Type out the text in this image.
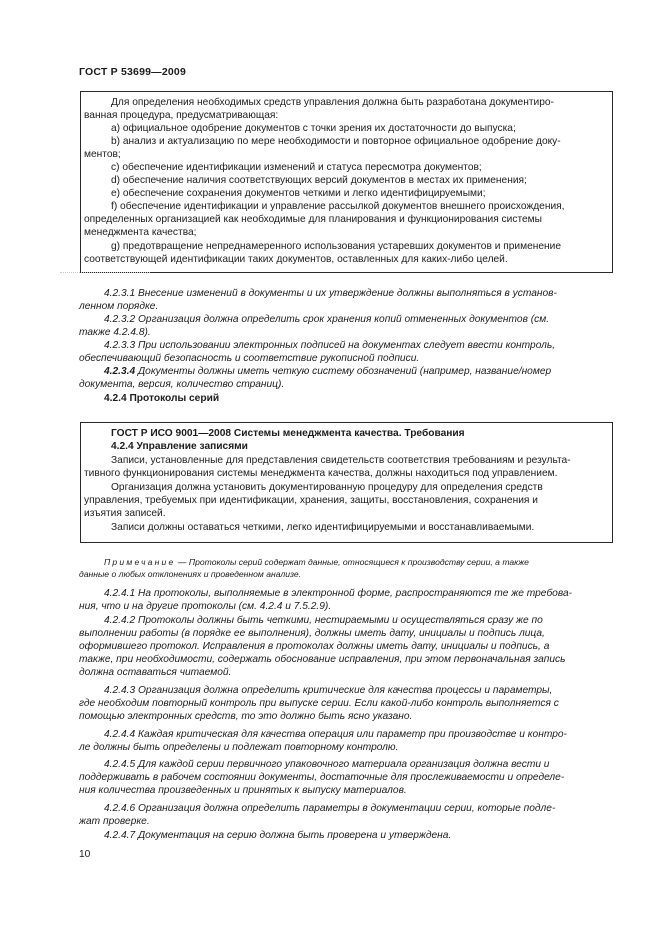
ГОСТ Р 53699—2009
Для определения необходимых средств управления должна быть разработана документиро-
ванная процедура, предусматривающая:
а) официальное одобрение документов с точки зрения их достаточности до выпуска;
b) анализ и актуализацию по мере необходимости и повторное официальное одобрение доку-
ментов;
с) обеспечение идентификации изменений и статуса пересмотра документов;
d) обеспечение наличия соответствующих версий документов в местах их применения;
е) обеспечение сохранения документов четкими и легко идентифицируемыми;
f) обеспечение идентификации и управление рассылкой документов внешнего происхождения,
определенных организацией как необходимые для планирования и функционирования системы
менеджмента качества;
g) предотвращение непреднамеренного использования устаревших документов и применение
соответствующей идентификации таких документов, оставленных для каких-либо целей.
4.2.3.1 Внесение изменений в документы и их утверждение должны выполняться в установ-
ленном порядке.
4.2.3.2 Организация должна определить срок хранения копий отмененных документов (см.
также 4.2.4.8).
4.2.3.3 При использовании электронных подписей на документах следует ввести контроль,
обеспечивающий безопасность и соответствие рукописной подписи.
4.2.3.4 Документы должны иметь четкую систему обозначений (например, название/номер
документа, версия, количество страниц).
4.2.4 Протоколы серий
ГОСТ Р ИСО 9001—2008 Системы менеджмента качества. Требования
4.2.4 Управление записями
Записи, установленные для представления свидетельств соответствия требованиям и результа-
тивного функционирования системы менеджмента качества, должны находиться под управлением.
Организация должна установить документированную процедуру для определения средств
управления, требуемых при идентификации, хранения, защиты, восстановления, сохранения и
изъятия записей.
Записи должны оставаться четкими, легко идентифицируемыми и восстанавливаемыми.
Примечание — Протоколы серий содержат данные, относящиеся к производству серии, а также
данные о любых отклонениях и проведенном анализе.
4.2.4.1 На протоколы, выполняемые в электронной форме, распространяются те же требова-
ния, что и на другие протоколы (см. 4.2.4 и 7.5.2.9).
4.2.4.2 Протоколы должны быть четкими, нестираемыми и осуществляться сразу же по
выполнении работы (в порядке ее выполнения), должны иметь дату, инициалы и подпись лица,
оформившего протокол. Исправления в протоколах должны иметь дату, инициалы и подпись, а
также, при необходимости, содержать обоснование исправления, при этом первоначальная запись
должна оставаться читаемой.
4.2.4.3 Организация должна определить критические для качества процессы и параметры,
где необходим повторный контроль при выпуске серии. Если какой-либо контроль выполняется с
помощью электронных средств, то это должно быть ясно указано.
4.2.4.4 Каждая критическая для качества операция или параметр при производстве и контро-
ле должны быть определены и подлежат повторному контролю.
4.2.4.5 Для каждой серии первичного упаковочного материала организация должна вести и
поддерживать в рабочем состоянии документы, достаточные для прослеживаемости и определе-
ния количества произведенных и принятых к выпуску материалов.
4.2.4.6 Организация должна определить параметры в документации серии, которые подле-
жат проверке.
4.2.4.7 Документация на серию должна быть проверена и утверждена.
10
